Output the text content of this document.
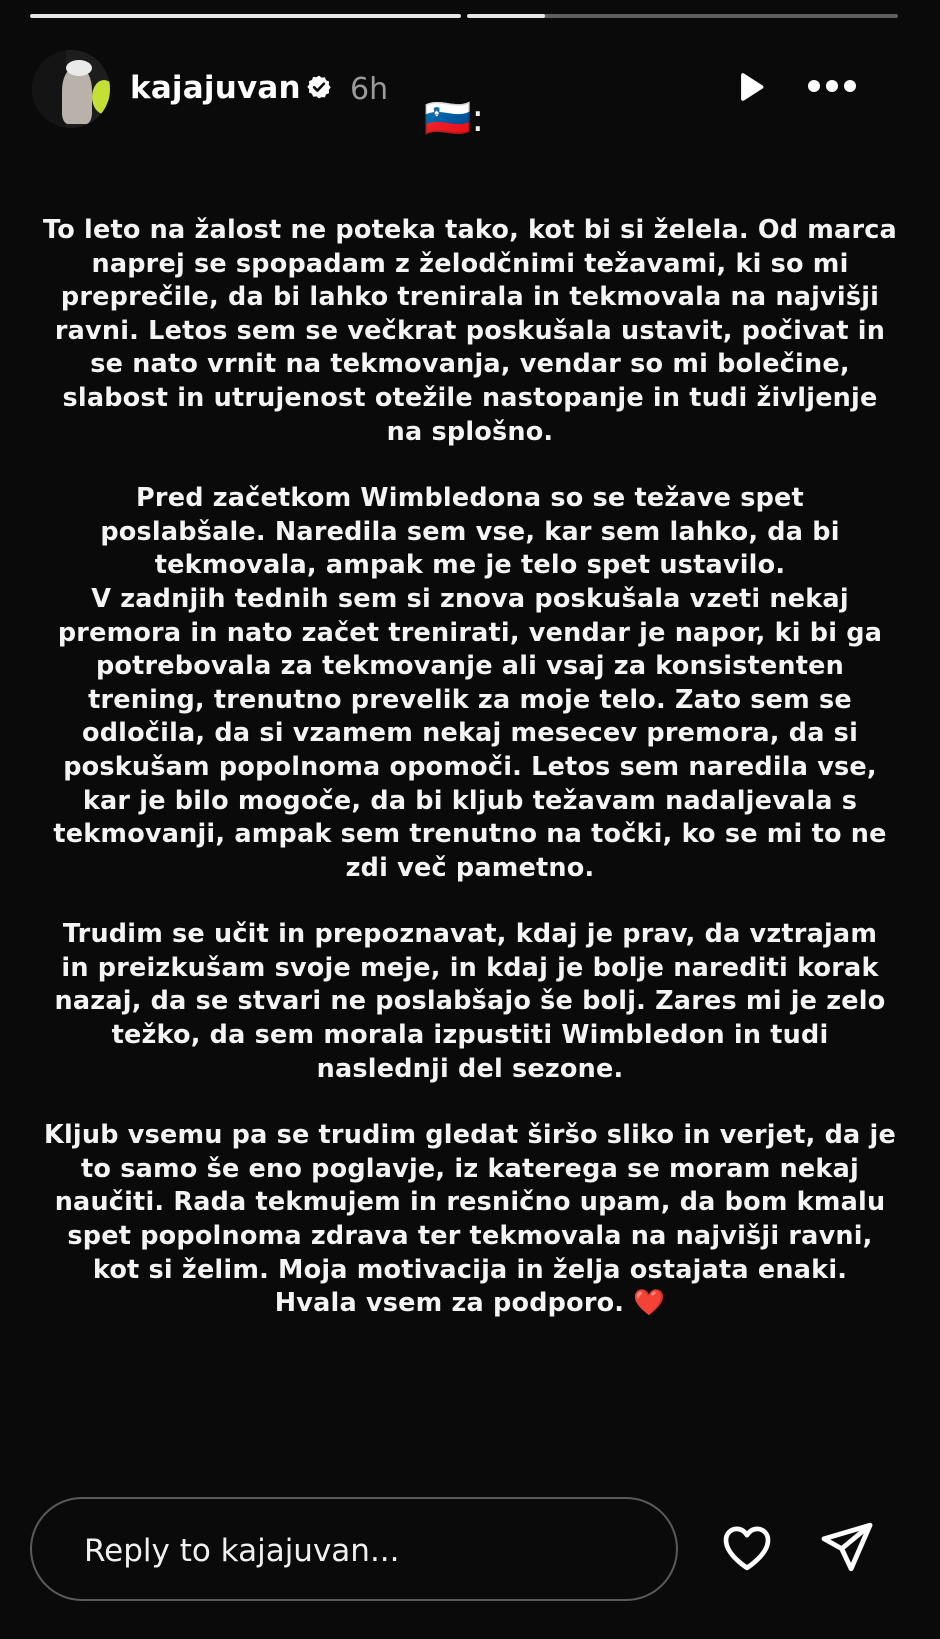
kajajuvan 6h
🇸🇮:

To leto na žalost ne poteka tako, kot bi si želela. Od marca
naprej se spopadam z želodčnimi težavami, ki so mi
preprečile, da bi lahko trenirala in tekmovala na najvišji
ravni. Letos sem se večkrat poskušala ustavit, počivat in
se nato vrnit na tekmovanja, vendar so mi bolečine,
slabost in utrujenost otežile nastopanje in tudi življenje
na splošno.

Pred začetkom Wimbledona so se težave spet
poslabšale. Naredila sem vse, kar sem lahko, da bi
tekmovala, ampak me je telo spet ustavilo.
V zadnjih tednih sem si znova poskušala vzeti nekaj
premora in nato začet trenirati, vendar je napor, ki bi ga
potrebovala za tekmovanje ali vsaj za konsistenten
trening, trenutno prevelik za moje telo. Zato sem se
odločila, da si vzamem nekaj mesecev premora, da si
poskušam popolnoma opomoči. Letos sem naredila vse,
kar je bilo mogoče, da bi kljub težavam nadaljevala s
tekmovanji, ampak sem trenutno na točki, ko se mi to ne
zdi več pametno.

Trudim se učit in prepoznavat, kdaj je prav, da vztrajam
in preizkušam svoje meje, in kdaj je bolje narediti korak
nazaj, da se stvari ne poslabšajo še bolj. Zares mi je zelo
težko, da sem morala izpustiti Wimbledon in tudi
naslednji del sezone.

Kljub vsemu pa se trudim gledat širšo sliko in verjet, da je
to samo še eno poglavje, iz katerega se moram nekaj
naučiti. Rada tekmujem in resnično upam, da bom kmalu
spet popolnoma zdrava ter tekmovala na najvišji ravni,
kot si želim. Moja motivacija in želja ostajata enaki.
Hvala vsem za podporo. ❤️

Reply to kajajuvan...
